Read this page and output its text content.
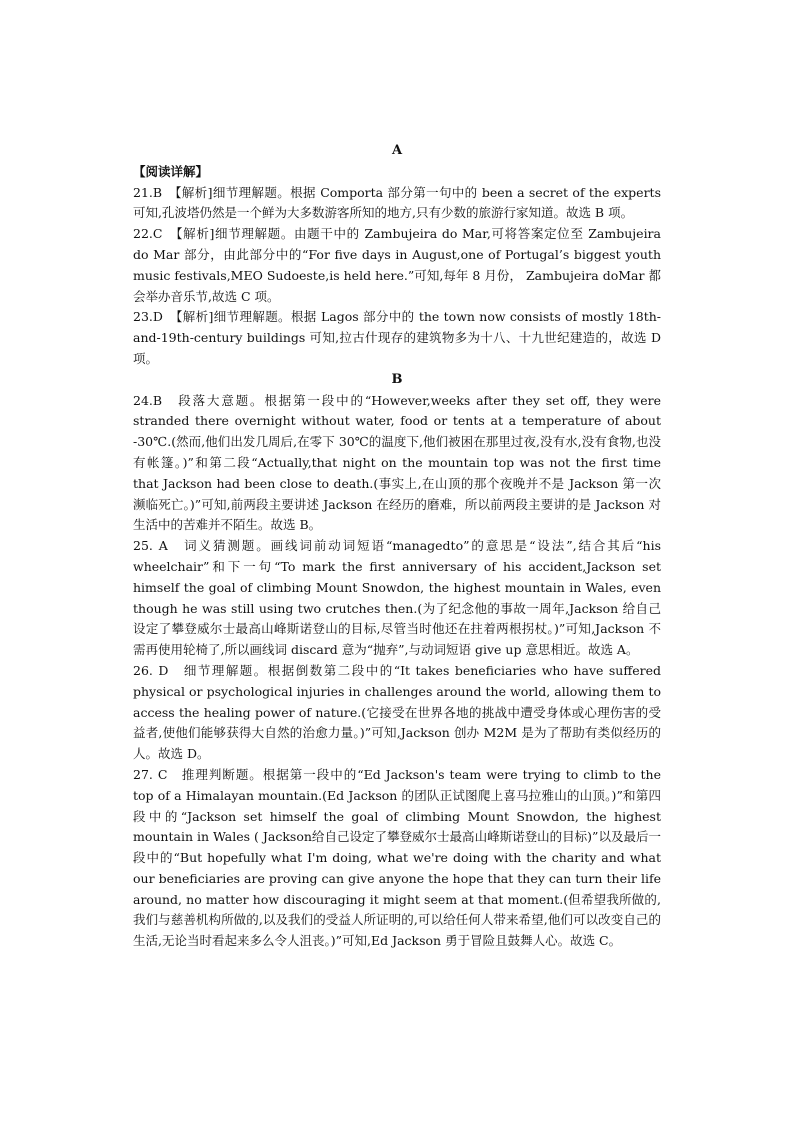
A
【阅读详解】

21.B　【解析]细节理解题。根据 Comporta 部分第一句中的 been a secret of the experts 可知,孔波塔仍然是一个鲜为大多数游客所知的地方,只有少数的旅游行家知道。故选 B 项。

22.C　【解析]细节理解题。由题干中的 Zambujeira do Mar,可将答案定位至 Zambujeira do Mar 部分，由此部分中的“For five days in August,one of Portugal’s biggest youth music festivals,MEO Sudoeste,is held here.”可知,每年 8 月份， Zambujeira doMar 都会举办音乐节,故选 C 项。

23.D　【解析]细节理解题。根据 Lagos 部分中的 the town now consists of mostly 18th-and-19th-century buildings 可知,拉古什现存的建筑物多为十八、十九世纪建造的，故选 D 项。

B

24.B　段落大意题。根据第一段中的“However,weeks after they set off, they were stranded there overnight without water, food or tents at a temperature of about -30℃.(然而,他们出发几周后,在零下 30℃的温度下,他们被困在那里过夜,没有水,没有食物,也没有帐篷。)”和第二段“Actually,that night on the mountain top was not the first time that Jackson had been close to death.(事实上,在山顶的那个夜晚并不是 Jackson 第一次濒临死亡。)”可知,前两段主要讲述 Jackson 在经历的磨难，所以前两段主要讲的是 Jackson 对生活中的苦难并不陌生。故选 B。

25. A　词义猜测题。画线词前动词短语“managedto”的意思是“设法”,结合其后“his wheelchair”和下一句“To mark the first anniversary of his accident,Jackson set himself the goal of climbing Mount Snowdon, the highest mountain in Wales, even though he was still using two crutches then.(为了纪念他的事故一周年,Jackson 给自己设定了攀登威尔士最高山峰斯诺登山的目标,尽管当时他还在拄着两根拐杖。)”可知,Jackson 不需再使用轮椅了,所以画线词 discard 意为“抛弃”,与动词短语 give up 意思相近。故选 A。

26. D　细节理解题。根据倒数第二段中的“It takes beneficiaries who have suffered physical or psychological injuries in challenges around the world, allowing them to access the healing power of nature.(它接受在世界各地的挑战中遭受身体或心理伤害的受益者,使他们能够获得大自然的治愈力量。)”可知,Jackson 创办 M2M 是为了帮助有类似经历的人。故选 D。

27. C　推理判断题。根据第一段中的“Ed Jackson's team were trying to climb to the top of a Himalayan mountain.(Ed Jackson 的团队正试图爬上喜马拉雅山的山顶。)”和第四段中的“Jackson set himself the goal of climbing Mount Snowdon, the highest mountain in Wales ( Jackson给自己设定了攀登威尔士最高山峰斯诺登山的目标)”以及最后一段中的“But hopefully what I'm doing, what we're doing with the charity and what our beneficiaries are proving can give anyone the hope that they can turn their life around, no matter how discouraging it might seem at that moment.(但希望我所做的,我们与慈善机构所做的,以及我们的受益人所证明的,可以给任何人带来希望,他们可以改变自己的生活,无论当时看起来多么令人沮丧。)”可知,Ed Jackson 勇于冒险且鼓舞人心。故选 C。
